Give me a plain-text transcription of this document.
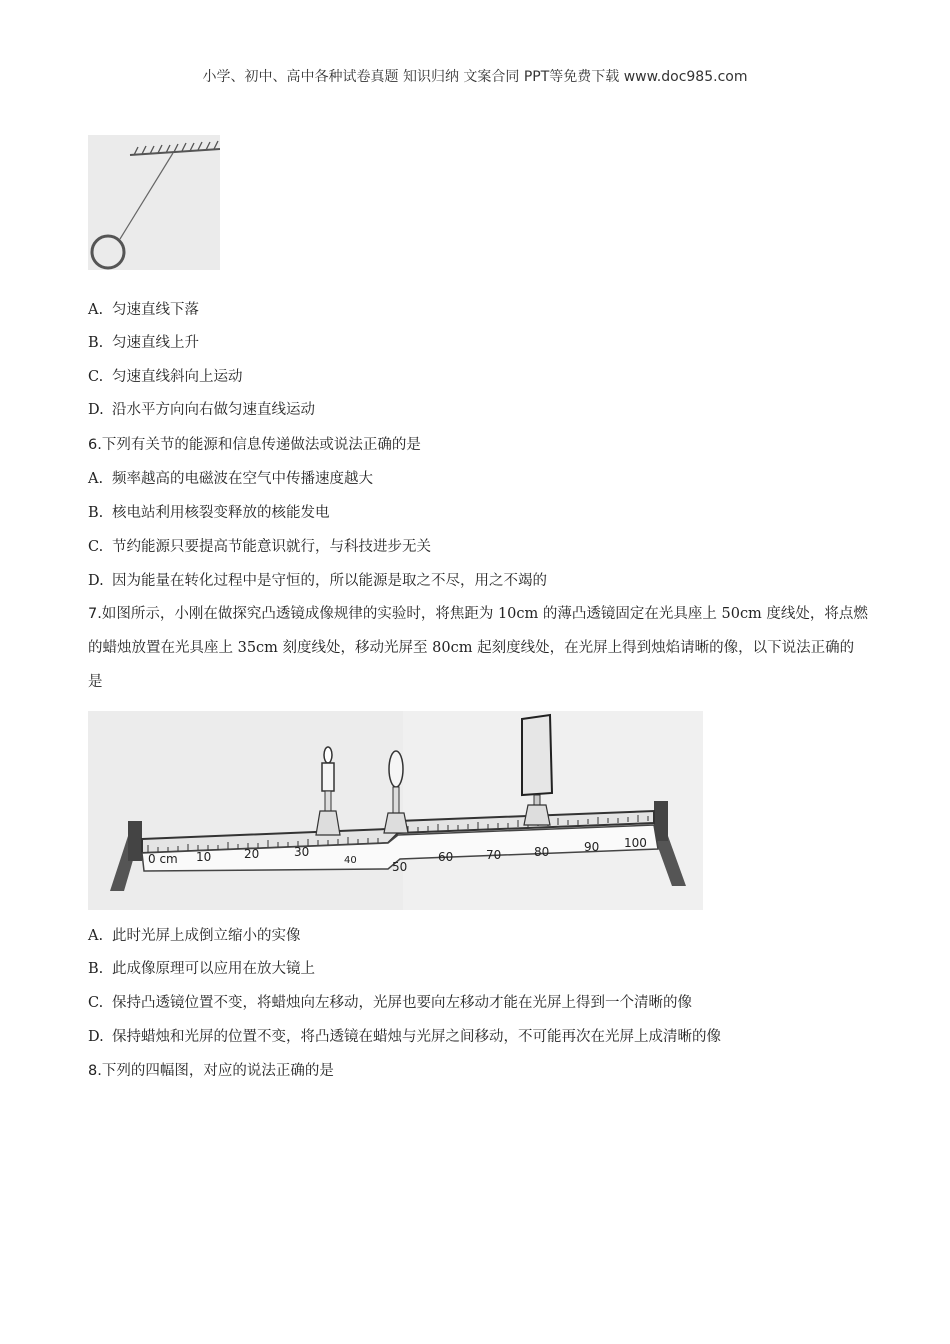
小学、初中、高中各种试卷真题 知识归纳 文案合同 PPT等免费下载 www.doc985.com
A. 匀速直线下落
B. 匀速直线上升
C. 匀速直线斜向上运动
D. 沿水平方向向右做匀速直线运动
6.下列有关节的能源和信息传递做法或说法正确的是
A. 频率越高的电磁波在空气中传播速度越大
B. 核电站利用核裂变释放的核能发电
C. 节约能源只要提高节能意识就行，与科技进步无关
D. 因为能量在转化过程中是守恒的，所以能源是取之不尽，用之不竭的
7.如图所示，小刚在做探究凸透镜成像规律的实验时，将焦距为 10cm 的薄凸透镜固定在光具座上 50cm 度线处，将点燃的蜡烛放置在光具座上 35cm 刻度线处，移动光屏至 80cm 起刻度线处，在光屏上得到烛焰请晰的像，以下说法正确的是
0 cm 10	20	30
40	50
60	70	80	90 100
A. 此时光屏上成倒立缩小的实像
B. 此成像原理可以应用在放大镜上
C. 保持凸透镜位置不变，将蜡烛向左移动，光屏也要向左移动才能在光屏上得到一个清晰的像
D. 保持蜡烛和光屏的位置不变，将凸透镜在蜡烛与光屏之间移动，不可能再次在光屏上成清晰的像
8.下列的四幅图，对应的说法正确的是
